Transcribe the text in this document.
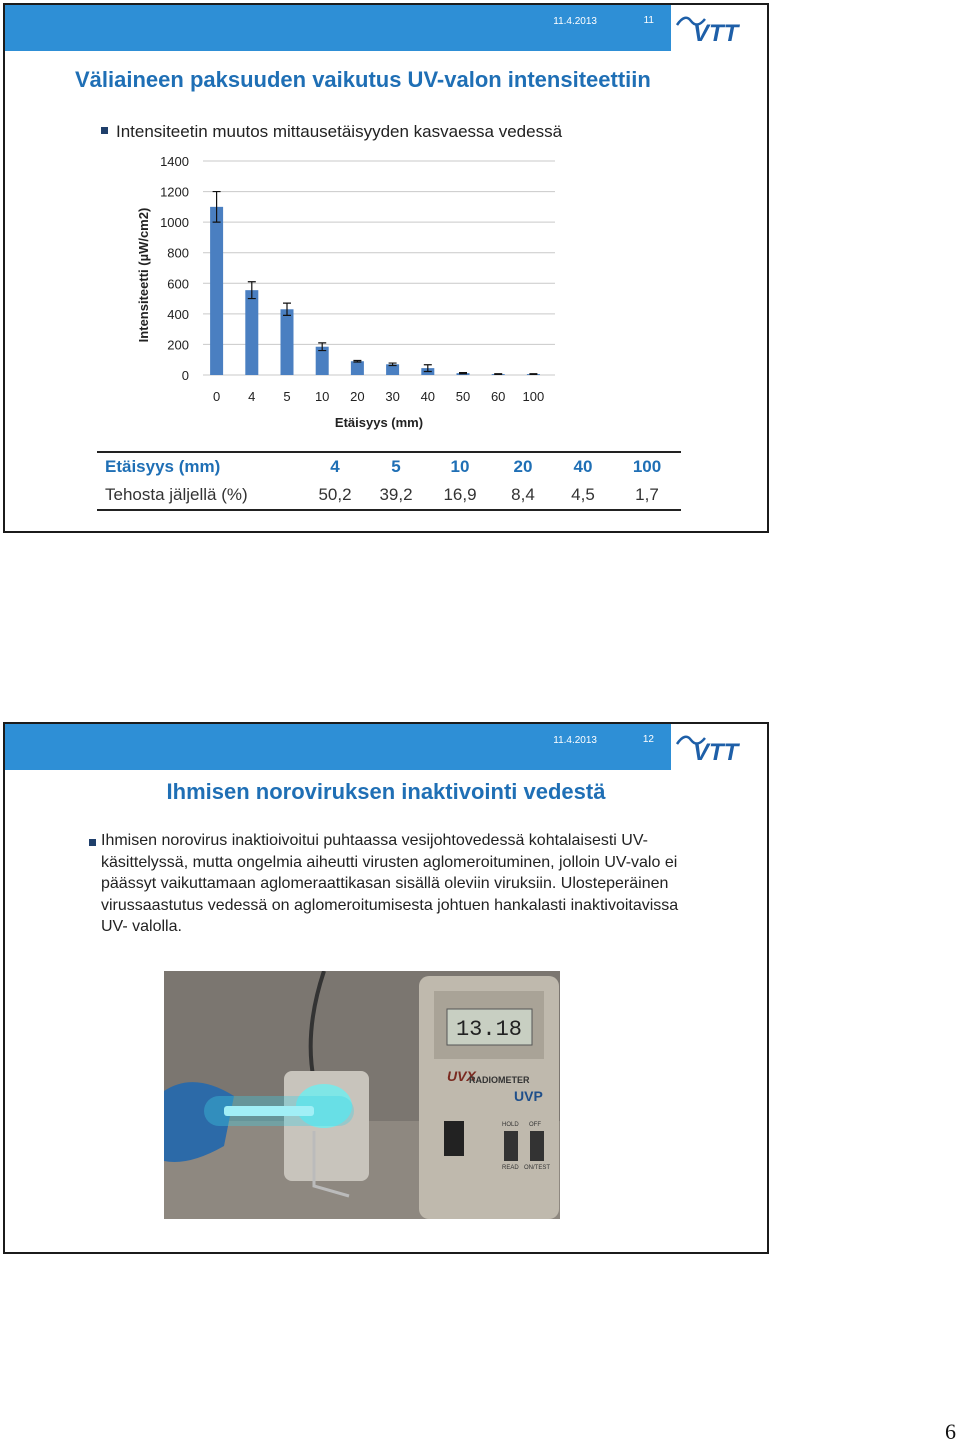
11.4.2013	11 VTT
Väliaineen paksuuden vaikutus UV-valon intensiteettiin
Intensiteetin muutos mittausetäisyyden kasvaessa vedessä
0
200
400
600
800
1000
1200
1400
0 4 5 10 20 30 40 50 60 100
Intensiteetti (µW/cm2)
Etäisyys (mm)
Etäisyys (mm)	4	5	10	20	40	100
Tehosta jäljellä (%)	50,2	39,2	16,9	8,4	4,5	1,7
11.4.2013	12 VTT
Ihmisen noroviruksen inaktivointi vedestä
Ihmisen norovirus inaktioivoitui puhtaassa vesijohtovedessä kohtalaisesti UV-käsittelyssä, mutta ongelmia aiheutti virusten aglomeroituminen, jolloin UV-valo ei päässyt vaikuttamaan aglomeraattikasan sisällä oleviin viruksiin. Ulosteperäinen virussaastutus vedessä on aglomeroitumisesta johtuen hankalasti inaktivoitavissa UV- valolla.
13.18
UVX
RADIOMETER
UVP
HOLD OFF
READ ON/TEST
6
